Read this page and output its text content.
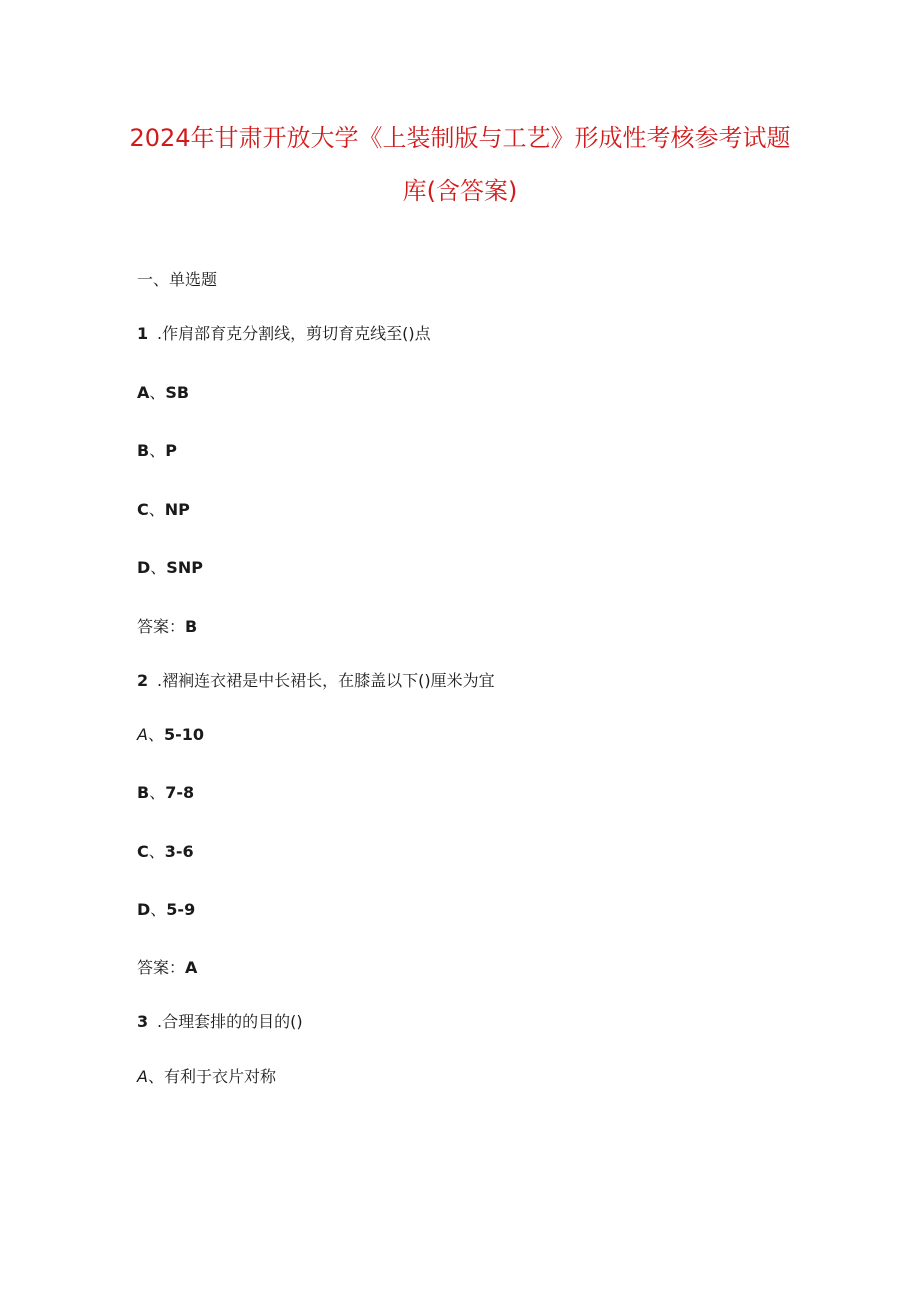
2024年甘肃开放大学《上装制版与工艺》形成性考核参考试题
库(含答案)
一、单选题
1 .作肩部育克分割线，剪切育克线至()点
A、SB
B、P
C、NP
D、SNP
答案：B
2 .褶裥连衣裙是中长裙长，在膝盖以下()厘米为宜
A、5-10
B、7-8
C、3-6
D、5-9
答案：A
3 .合理套排的的目的()
A、有利于衣片对称
